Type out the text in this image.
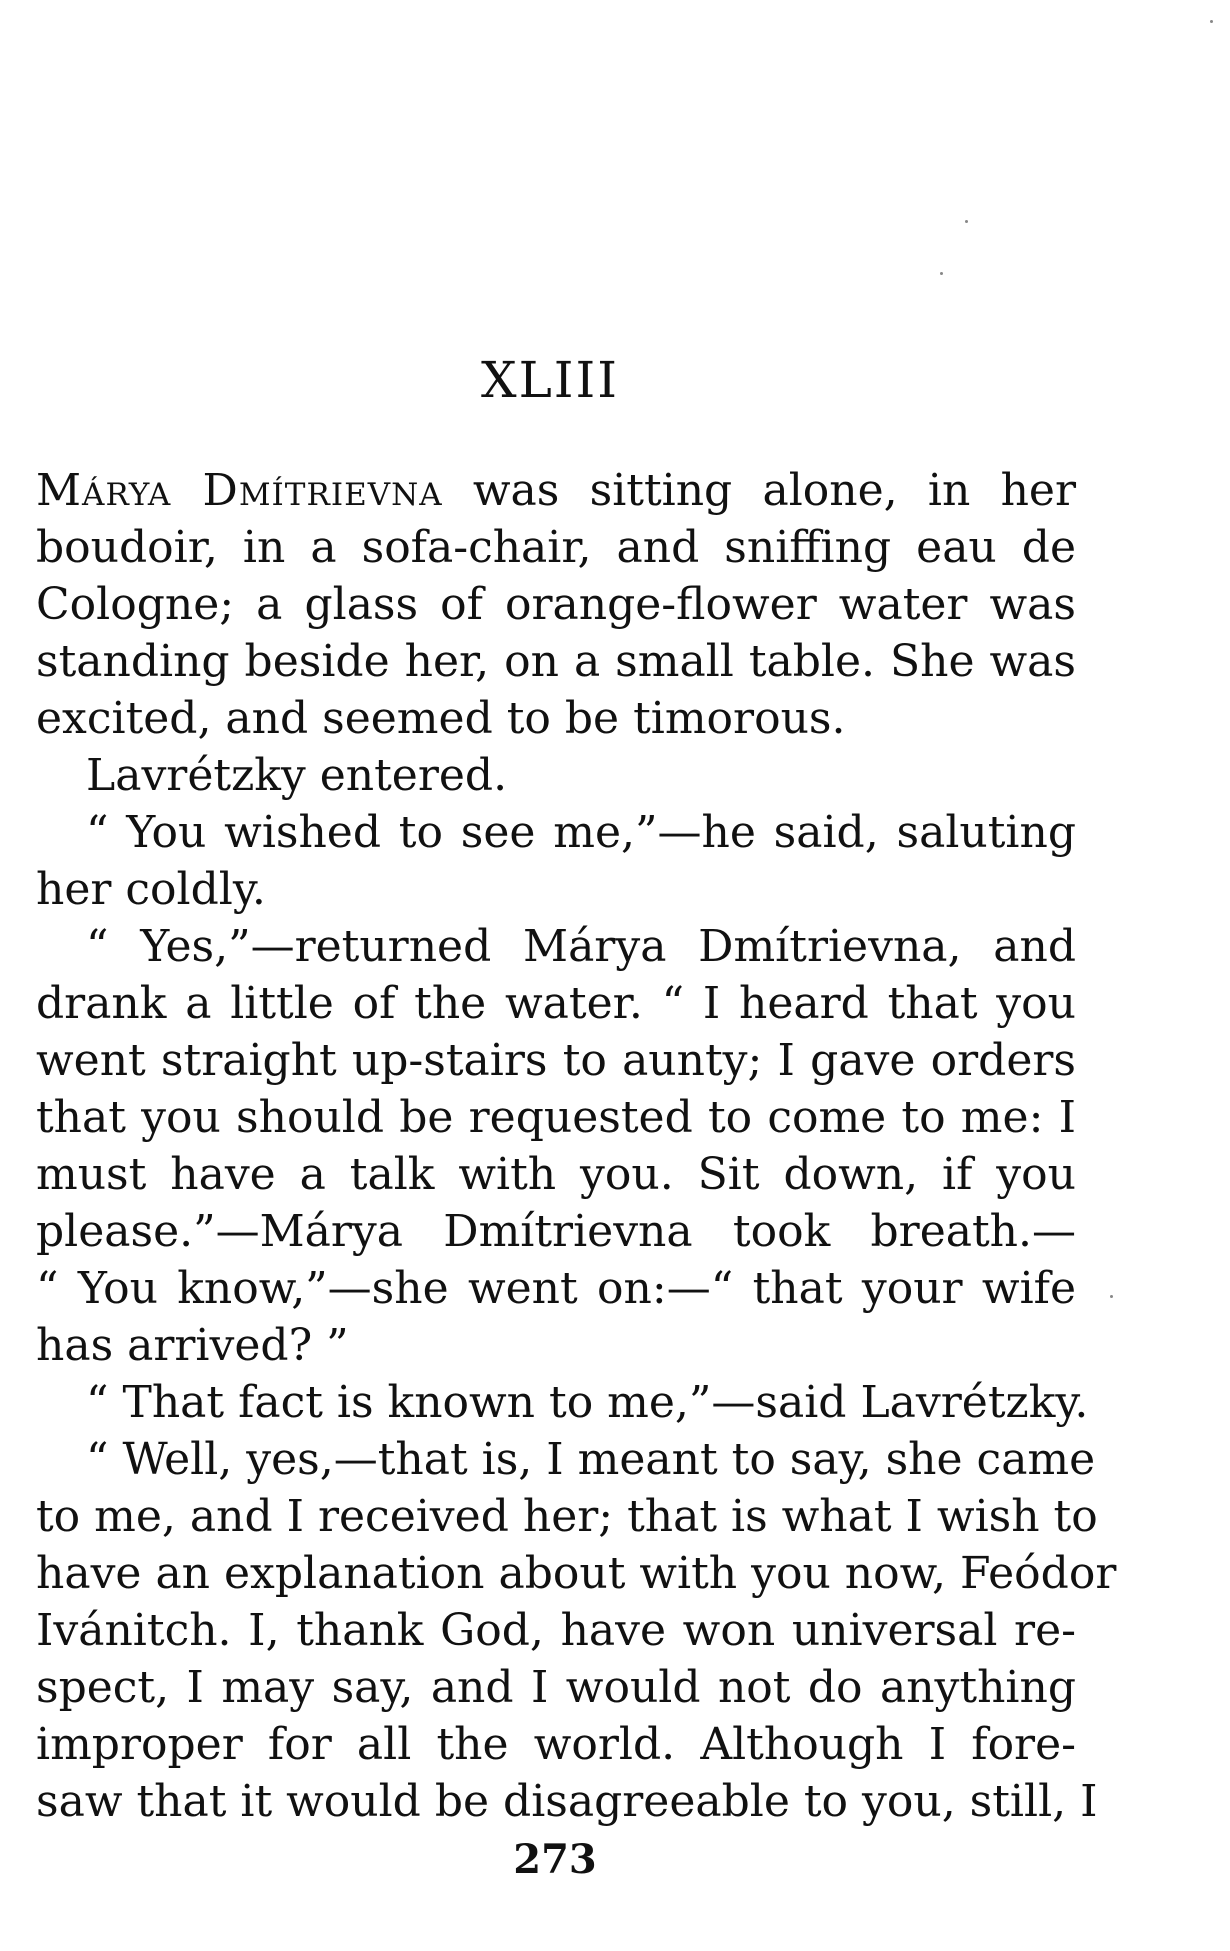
XLIII
Márya Dmítrievna was sitting alone, in her
boudoir, in a sofa-chair, and sniffing eau de
Cologne; a glass of orange-flower water was
standing beside her, on a small table. She was
excited, and seemed to be timorous.
Lavrétzky entered.
“ You wished to see me,”—he said, saluting
her coldly.
“ Yes,”—returned Márya Dmítrievna, and
drank a little of the water. “ I heard that you
went straight up-stairs to aunty; I gave orders
that you should be requested to come to me: I
must have a talk with you. Sit down, if you
please.”—Márya Dmítrievna took breath.—
“ You know,”—she went on:—“ that your wife
has arrived? ”
“ That fact is known to me,”—said Lavrétzky.
“ Well, yes,—that is, I meant to say, she came
to me, and I received her; that is what I wish to
have an explanation about with you now, Feódor
Ivánitch. I, thank God, have won universal re-
spect, I may say, and I would not do anything
improper for all the world. Although I fore-
saw that it would be disagreeable to you, still, I
273
